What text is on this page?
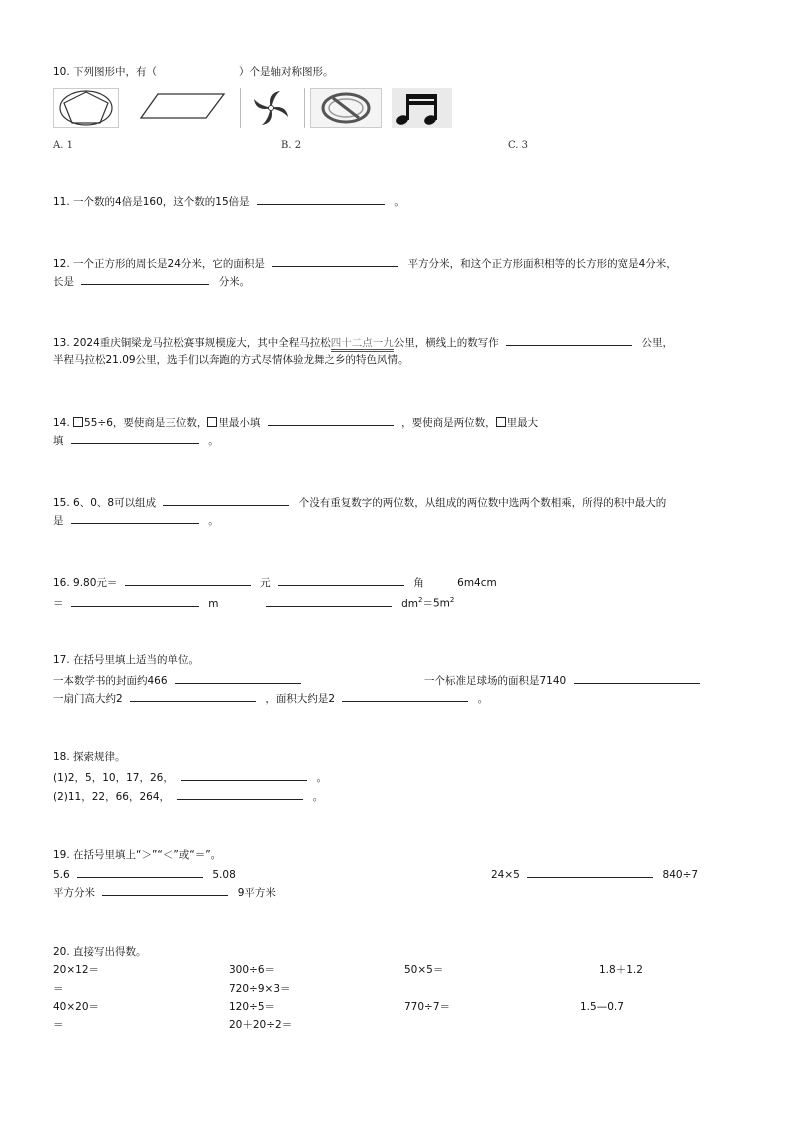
10. 下列图形中，有（	）个是轴对称图形。
A. 1	B. 2	C. 3
11. 一个数的4倍是160，这个数的15倍是	。
12. 一个正方形的周长是24分米，它的面积是	平方分米，和这个正方形面积相等的长方形的宽是4分米，
长是	分米。
13. 2024重庆铜梁龙马拉松赛事规模庞大，其中全程马拉松四十二点一九公里，横线上的数写作	公里，
半程马拉松21.09公里，选手们以奔跑的方式尽情体验龙舞之乡的特色风情。
14. 55÷6，要使商是三位数， 里最小填	，要使商是两位数， 里最大
填	。
15. 6、0、8可以组成	个没有重复数字的两位数，从组成的两位数中选两个数相乘，所得的积中最大的
是	。
16. 9.80元＝	元	角	6m4cm
＝	m	$dm^2=5m^2$
17. 在括号里填上适当的单位。
一本数学书的封面约466	一个标准足球场的面积是7140
一扇门高大约2	，面积大约是2	。
18. 探索规律。
(1)2，5，10，17，26，	。
(2)11，22，66，264，	。
19. 在括号里填上“＞”“＜”或“＝”。
5.6	5.08	24×5	840÷7
平方分米	9平方米
20. 直接写出得数。
20×12＝	300÷6＝	50×5＝	1.8＋1.2
＝	720÷9×3＝
40×20＝	120÷5＝	770÷7＝	1.5—0.7
＝	20＋20÷2＝
